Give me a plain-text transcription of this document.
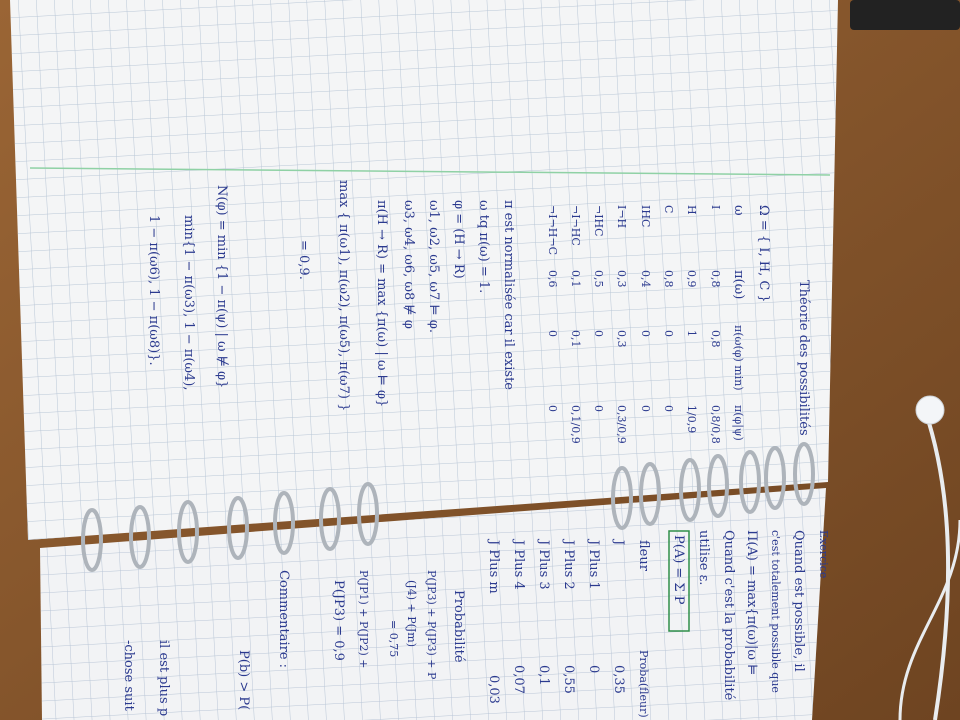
Théorie des possibilités
Ω = { I, H, C }
ω
π(ω)
π(ω(φ) min)
π(φ|ψ)
I
0,8
0,8
0,8/0,8
H
0,9
1
1/0,9
C
0,8
0
0
IHC
0,4
0
0
I¬H
0,3
0,3
0,3/0,9
¬IHC
0,5
0
0
¬I¬HC
0,1
0,1
0,1/0,9
¬I¬H¬C
0,6
0
0
π est normalisée car il existe
ω tq π(ω) = 1.
φ = (H → R)
ω1, ω2, ω5, ω7 ⊨ φ.
ω3, ω4, ω6, ω8 ⊭ φ
π(H → R) = max {π(ω) | ω ⊨ φ}
max { π(ω1), π(ω2), π(ω5), π(ω7) }
= 0,9.
N(φ) = min {1 − π(ψ) | ω ⊭ φ}
min{1 − π(ω3), 1 − π(ω4),
1 − π(ω6), 1 − π(ω8)}.
Exercice
Quand est possible, il
c'est totalement possible que
Π(A) = max{π(ω)|ω ⊨
Quand c'est la probabilité
utilise ε.
P(A) = Σ P
fleur
J
J Plus 1
J Plus 2
J Plus 3
J Plus 4
J Plus m
Proba(fleur)
0,35
0
0,55
0,1
0,07
0,03
Probabilité
P(JP3) + P(JP3) + P
(J4) + P(Jm)
= 0,75
P(JP1) + P(JP2) +
P(JP3) = 0,9
Commentaire :
P(b) > P(
il est plus p
-chose suit
